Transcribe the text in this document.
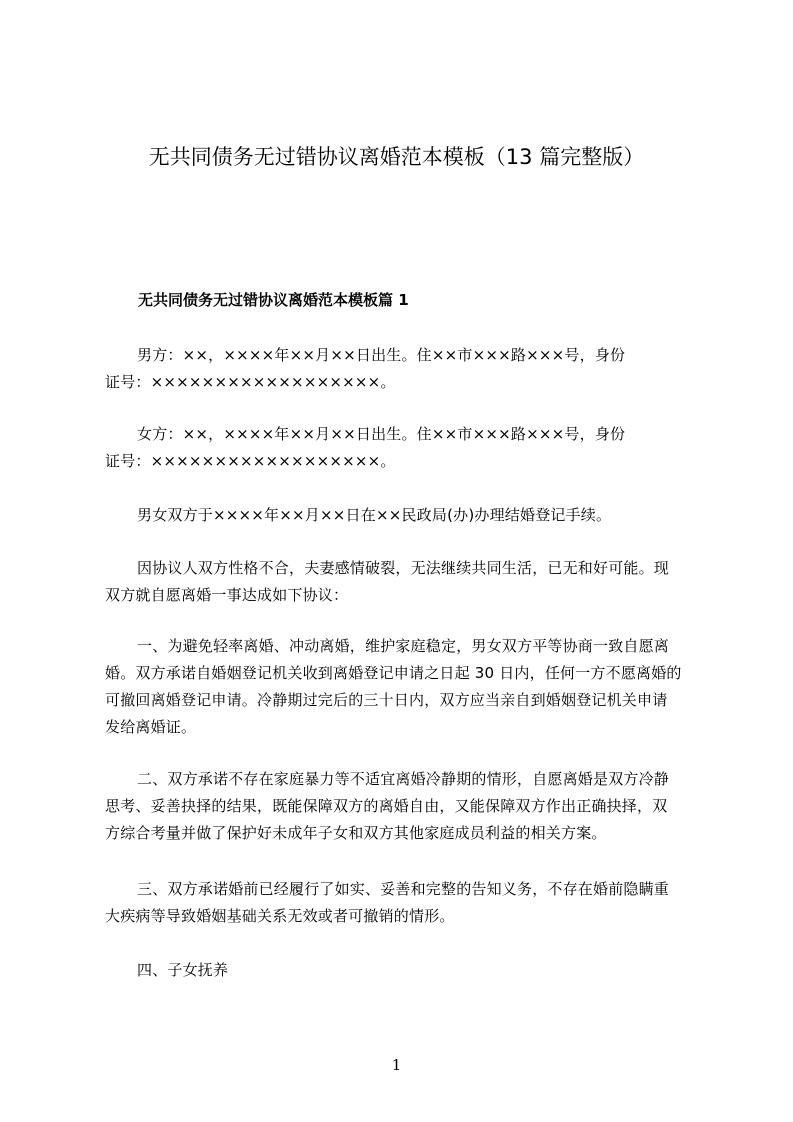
无共同债务无过错协议离婚范本模板（13 篇完整版）
无共同债务无过错协议离婚范本模板篇 1
男方：××，××××年××月××日出生。住××市×××路×××号，身份
证号：××××××××××××××××××。
女方：××，××××年××月××日出生。住××市×××路×××号，身份
证号：××××××××××××××××××。
男女双方于××××年××月××日在××民政局(办)办理结婚登记手续。
因协议人双方性格不合，夫妻感情破裂，无法继续共同生活，已无和好可能。现
双方就自愿离婚一事达成如下协议：
一、为避免轻率离婚、冲动离婚，维护家庭稳定，男女双方平等协商一致自愿离
婚。双方承诺自婚姻登记机关收到离婚登记申请之日起 30 日内，任何一方不愿离婚的
可撤回离婚登记申请。冷静期过完后的三十日内，双方应当亲自到婚姻登记机关申请
发给离婚证。
二、双方承诺不存在家庭暴力等不适宜离婚冷静期的情形，自愿离婚是双方冷静
思考、妥善抉择的结果，既能保障双方的离婚自由，又能保障双方作出正确抉择，双
方综合考量并做了保护好未成年子女和双方其他家庭成员利益的相关方案。
三、双方承诺婚前已经履行了如实、妥善和完整的告知义务，不存在婚前隐瞒重
大疾病等导致婚姻基础关系无效或者可撤销的情形。
四、子女抚养
1
